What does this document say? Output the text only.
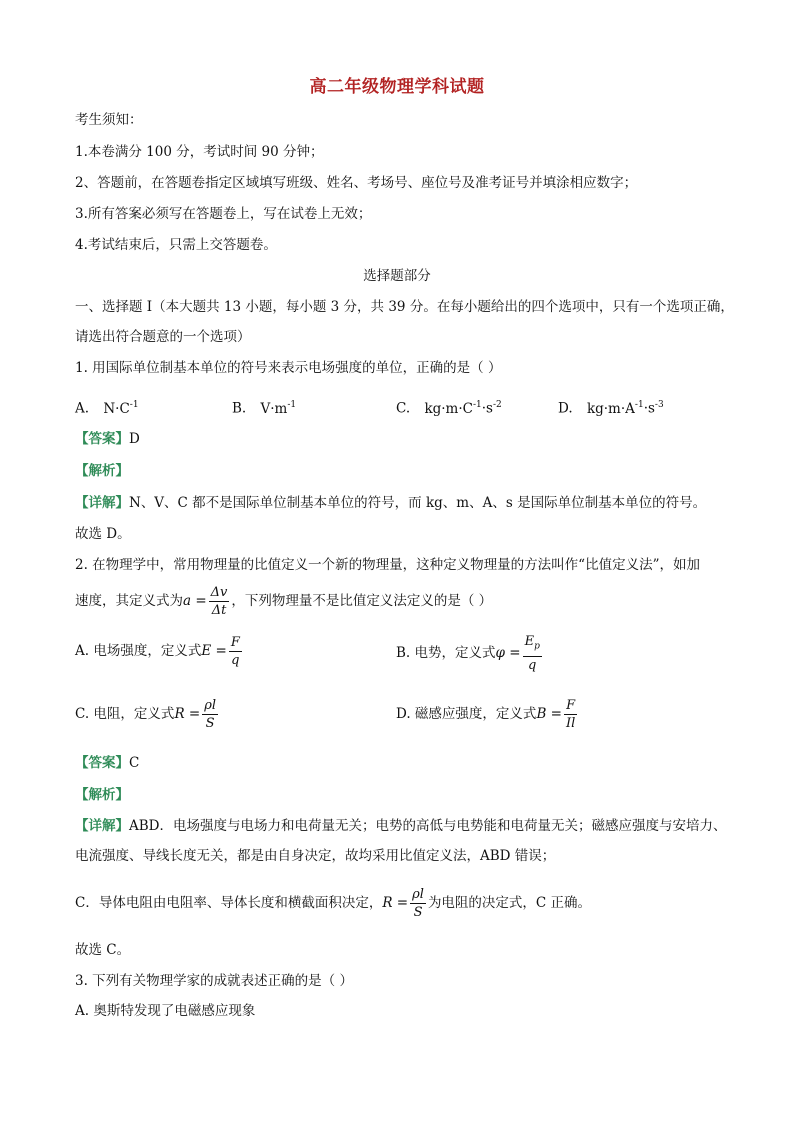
高二年级物理学科试题
考生须知：
1.本卷满分 100 分，考试时间 90 分钟；
2、答题前，在答题卷指定区域填写班级、姓名、考场号、座位号及准考证号并填涂相应数字；
3.所有答案必须写在答题卷上，写在试卷上无效；
4.考试结束后，只需上交答题卷。
选择题部分
一、选择题 I（本大题共 13 小题，每小题 3 分，共 39 分。在每小题给出的四个选项中，只有一个选项正确，
请选出符合题意的一个选项）
1. 用国际单位制基本单位的符号来表示电场强度的单位，正确的是（ ）
A. $N\cdot C^{-1}$	B. $V\cdot m^{-1}$	C. $kg\cdot m\cdot C^{-1}\cdot s^{-2}$	D. $kg\cdot m\cdot A^{-1}\cdot s^{-3}$
【答案】D
【解析】
【详解】N、V、C 都不是国际单位制基本单位的符号，而 kg、m、A、s 是国际单位制基本单位的符号。
故选 D。
2. 在物理学中，常用物理量的比值定义一个新的物理量，这种定义物理量的方法叫作“比值定义法”，如加
速度，其定义式为$a = \frac{\Delta v}{\Delta t}$ ，下列物理量不是比值定义法定义的是（ ）
A. 电场强度，定义式$E = \frac{F}{q}$	B. 电势，定义式$\varphi = \frac{E_p}{q}$
C. 电阻，定义式$R = \frac{\rho l}{S}$	D. 磁感应强度，定义式$B = \frac{F}{Il}$
【答案】C
【解析】
【详解】ABD．电场强度与电场力和电荷量无关；电势的高低与电势能和电荷量无关；磁感应强度与安培力、
电流强度、导线长度无关，都是由自身决定，故均采用比值定义法，ABD 错误；
C．导体电阻由电阻率、导体长度和横截面积决定，$R = \frac{\rho l}{S}$ 为电阻的决定式，C 正确。
故选 C。
3. 下列有关物理学家的成就表述正确的是（ ）
A. 奥斯特发现了电磁感应现象
